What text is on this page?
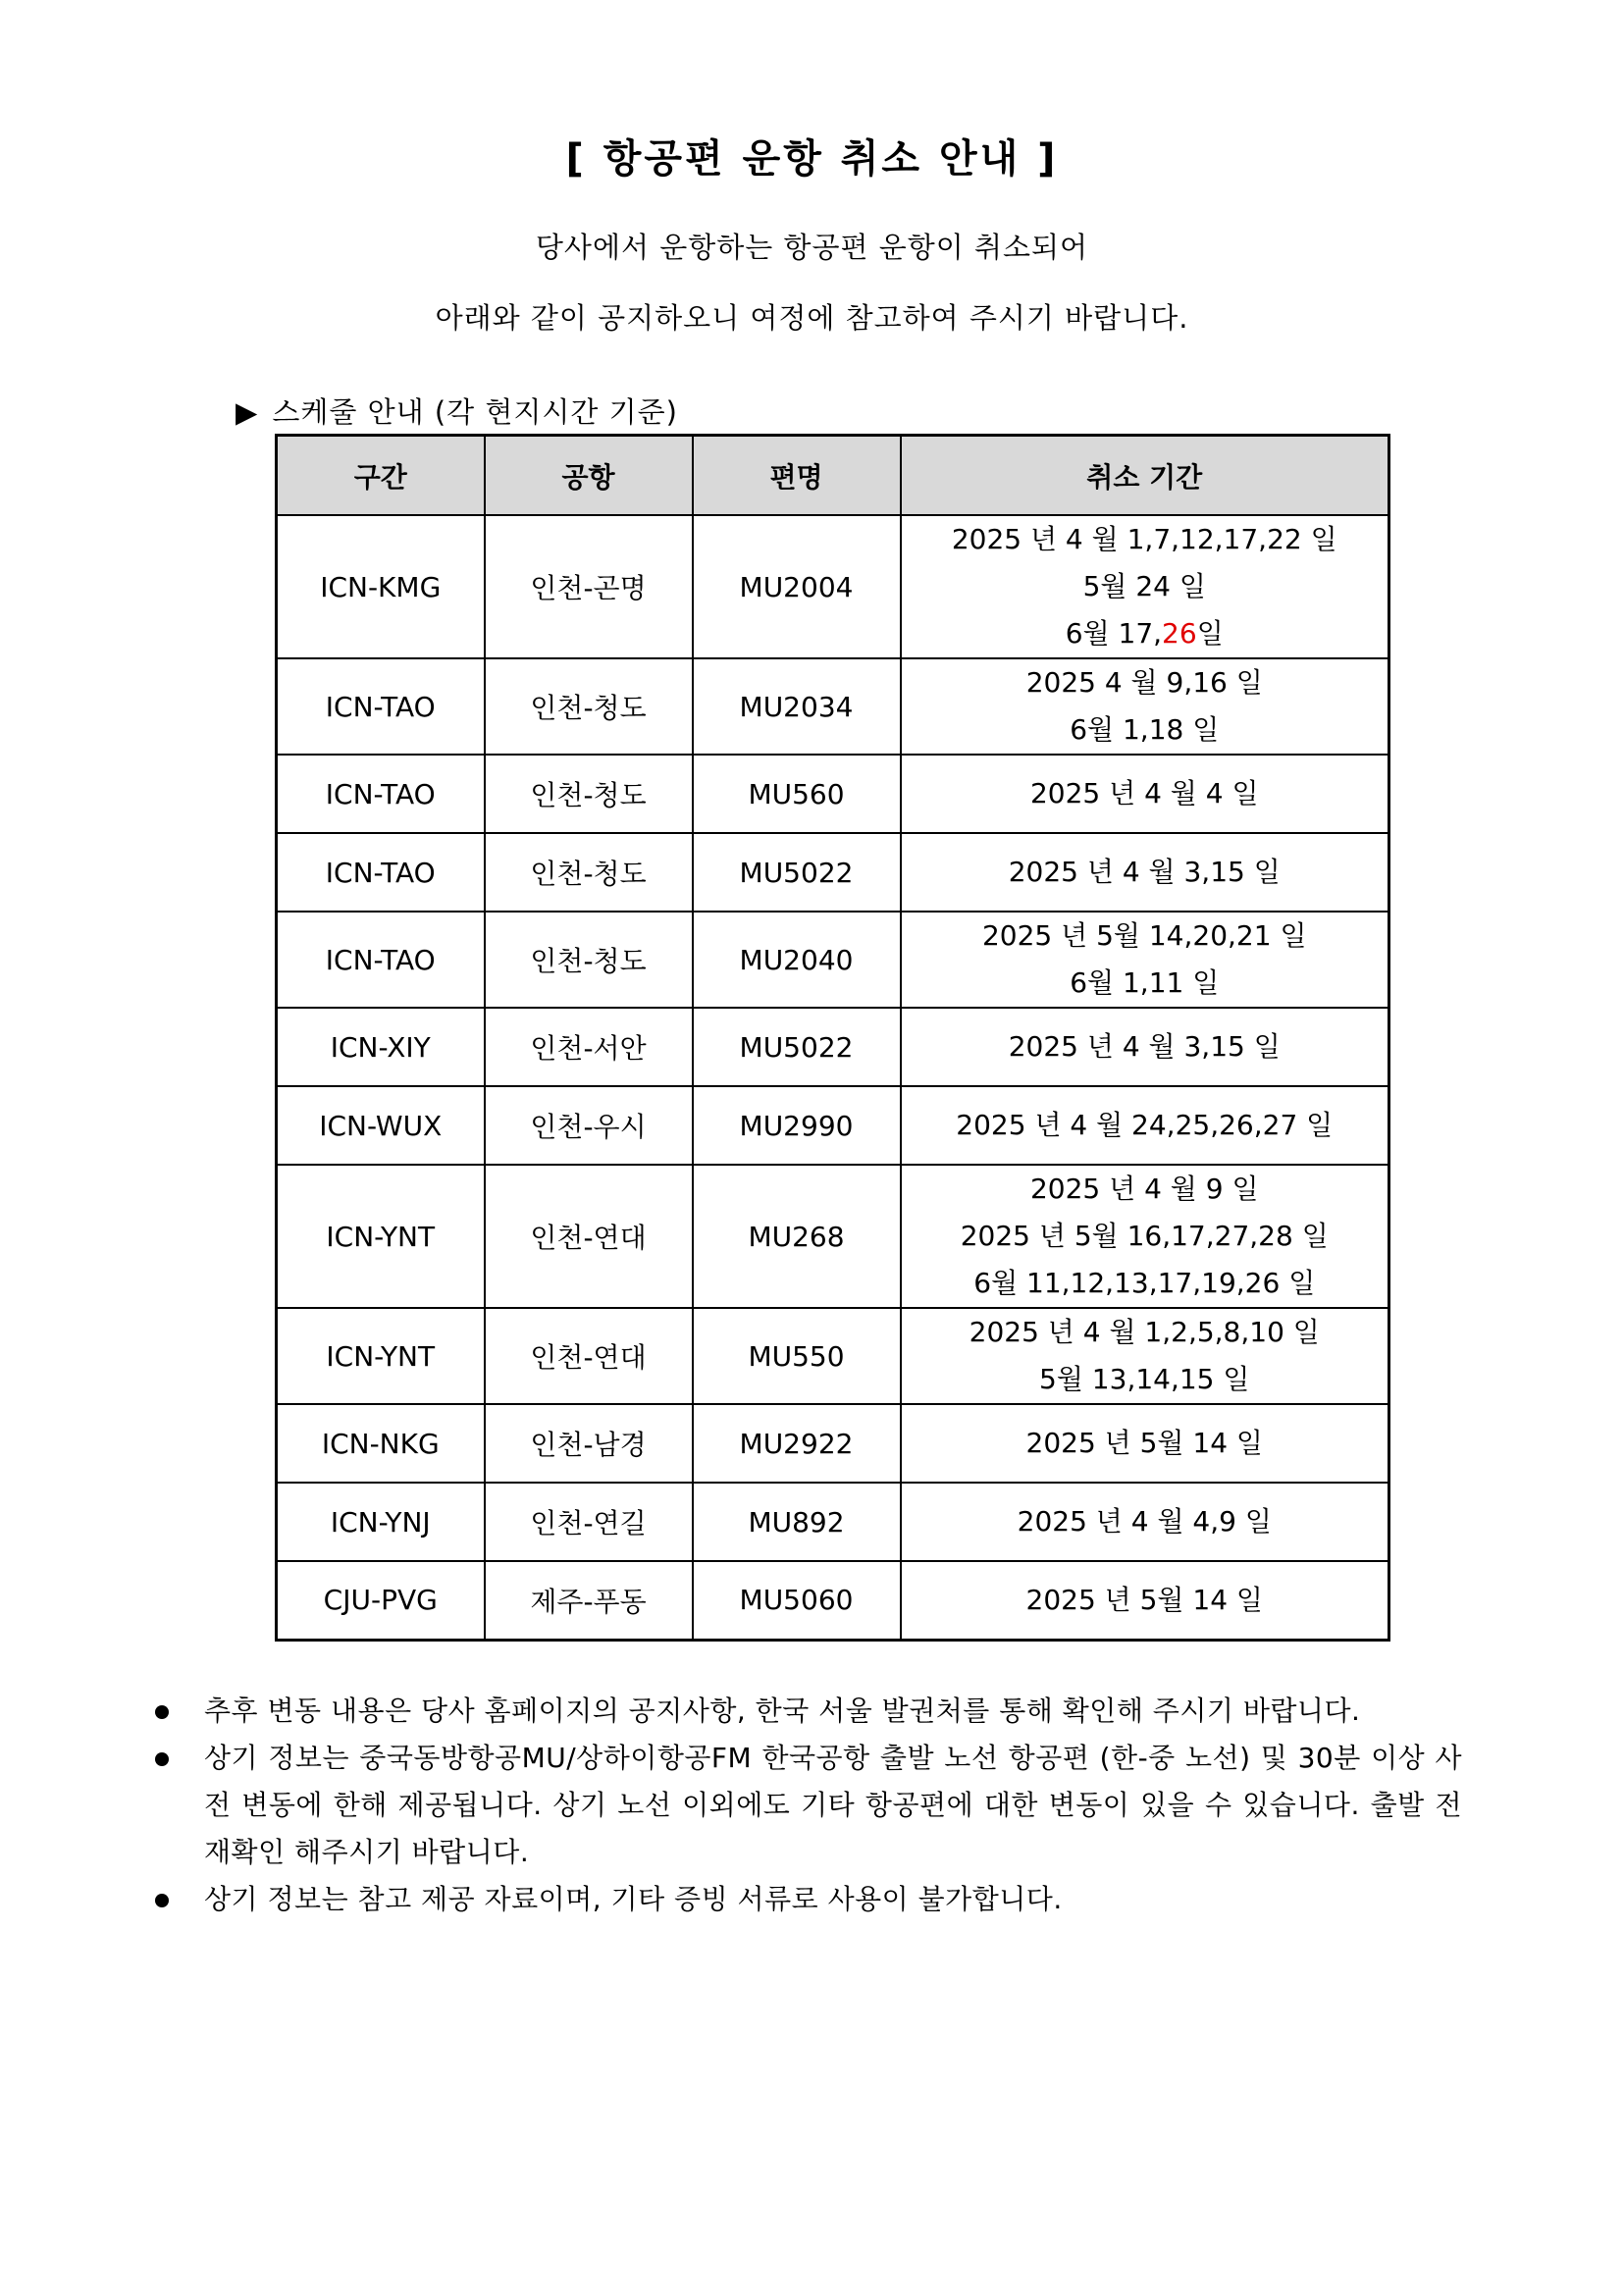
[ 항공편 운항 취소 안내 ]
당사에서 운항하는 항공편 운항이 취소되어
아래와 같이 공지하오니 여정에 참고하여 주시기 바랍니다.
▶ 스케줄 안내 (각 현지시간 기준)
구간	공항	편명	취소 기간
ICN-KMG	인천-곤명	MU2004	2025 년 4 월 1,7,12,17,22 일
5월 24 일
6월 17,26일

ICN-TAO	인천-청도	MU2034	2025 4 월 9,16 일
6월 1,18 일

ICN-TAO	인천-청도	MU560	2025 년 4 월 4 일

ICN-TAO	인천-청도	MU5022	2025 년 4 월 3,15 일

ICN-TAO	인천-청도	MU2040	2025 년 5월 14,20,21 일
6월 1,11 일

ICN-XIY	인천-서안	MU5022	2025 년 4 월 3,15 일

ICN-WUX	인천-우시	MU2990	2025 년 4 월 24,25,26,27 일

ICN-YNT	인천-연대	MU268	2025 년 4 월 9 일
2025 년 5월 16,17,27,28 일
6월 11,12,13,17,19,26 일

ICN-YNT	인천-연대	MU550	2025 년 4 월 1,2,5,8,10 일
5월 13,14,15 일

ICN-NKG	인천-남경	MU2922	2025 년 5월 14 일

ICN-YNJ	인천-연길	MU892	2025 년 4 월 4,9 일

CJU-PVG	제주-푸동	MU5060	2025 년 5월 14 일
추후 변동 내용은 당사 홈페이지의 공지사항, 한국 서울 발권처를 통해 확인해 주시기 바랍니다.
상기 정보는 중국동방항공MU/상하이항공FM 한국공항 출발 노선 항공편 (한-중 노선) 및 30분 이상 사전 변동에 한해 제공됩니다. 상기 노선 이외에도 기타 항공편에 대한 변동이 있을 수 있습니다. 출발 전 재확인 해주시기 바랍니다.
상기 정보는 참고 제공 자료이며, 기타 증빙 서류로 사용이 불가합니다.
